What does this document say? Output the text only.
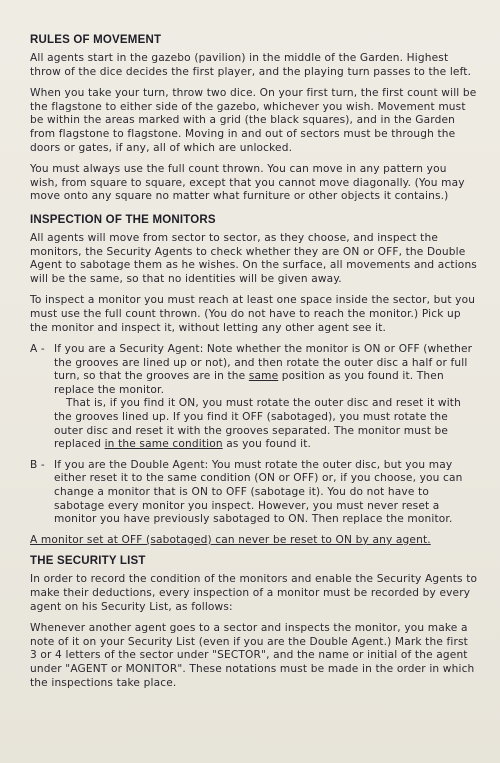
RULES OF MOVEMENT

All agents start in the gazebo (pavilion) in the middle of the Garden. Highest throw of the dice decides the first player, and the playing turn passes to the left.

When you take your turn, throw two dice. On your first turn, the first count will be the flagstone to either side of the gazebo, whichever you wish. Movement must be within the areas marked with a grid (the black squares), and in the Garden from flagstone to flagstone. Moving in and out of sectors must be through the doors or gates, if any, all of which are unlocked.

You must always use the full count thrown. You can move in any pattern you wish, from square to square, except that you cannot move diagonally. (You may move onto any square no matter what furniture or other objects it contains.)

INSPECTION OF THE MONITORS

All agents will move from sector to sector, as they choose, and inspect the monitors, the Security Agents to check whether they are ON or OFF, the Double Agent to sabotage them as he wishes. On the surface, all movements and actions will be the same, so that no identities will be given away.

To inspect a monitor you must reach at least one space inside the sector, but you must use the full count thrown. (You do not have to reach the monitor.) Pick up the monitor and inspect it, without letting any other agent see it.

A - If you are a Security Agent: Note whether the monitor is ON or OFF (whether the grooves are lined up or not), and then rotate the outer disc a half or full turn, so that the grooves are in the same position as you found it. Then replace the monitor.
That is, if you find it ON, you must rotate the outer disc and reset it with the grooves lined up. If you find it OFF (sabotaged), you must rotate the outer disc and reset it with the grooves separated. The monitor must be replaced in the same condition as you found it.
B - If you are the Double Agent: You must rotate the outer disc, but you may either reset it to the same condition (ON or OFF) or, if you choose, you can change a monitor that is ON to OFF (sabotage it). You do not have to sabotage every monitor you inspect. However, you must never reset a monitor you have previously sabotaged to ON. Then replace the monitor.

A monitor set at OFF (sabotaged) can never be reset to ON by any agent.

THE SECURITY LIST

In order to record the condition of the monitors and enable the Security Agents to make their deductions, every inspection of a monitor must be recorded by every agent on his Security List, as follows:

Whenever another agent goes to a sector and inspects the monitor, you make a note of it on your Security List (even if you are the Double Agent.) Mark the first 3 or 4 letters of the sector under "SECTOR", and the name or initial of the agent under "AGENT or MONITOR". These notations must be made in the order in which the inspections take place.
